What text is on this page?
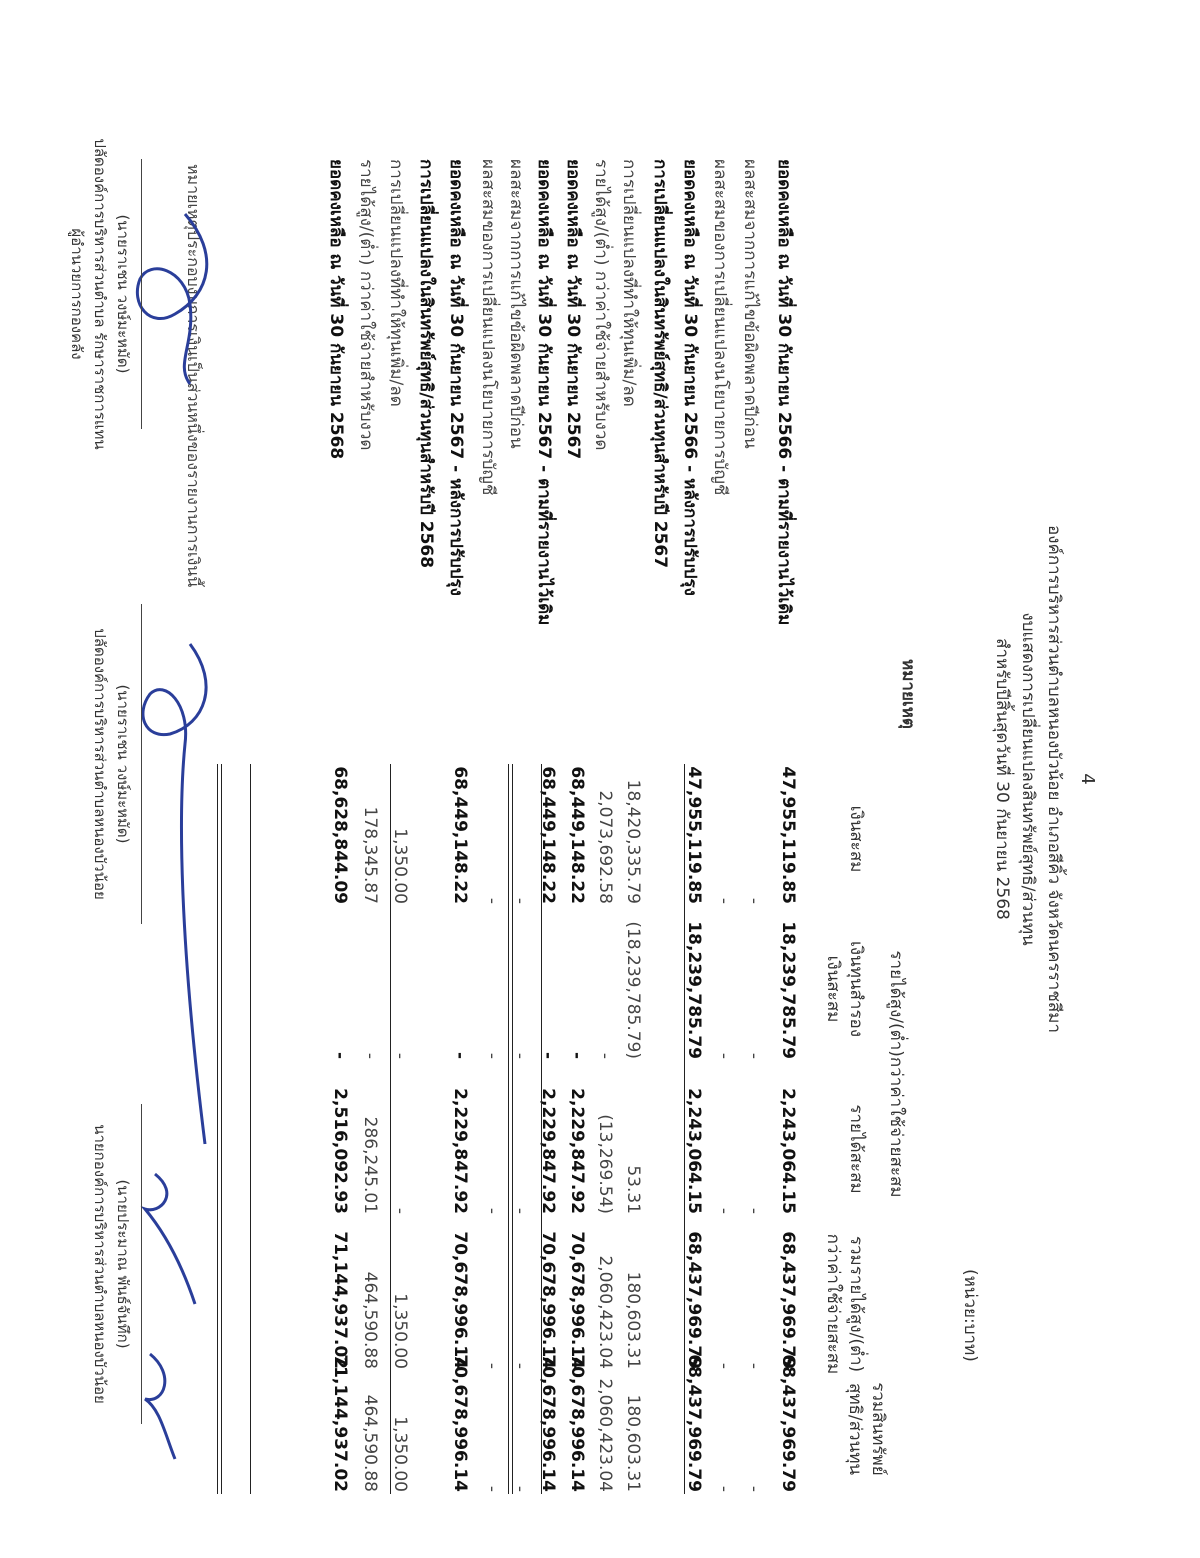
4
องค์การบริหารส่วนตำบลหนองบัวน้อย อำเภอสีคิ้ว จังหวัดนครราชสีมา
งบแสดงการเปลี่ยนแปลงสินทรัพย์สุทธิ/ส่วนทุน
สำหรับปีสิ้นสุดวันที่ 30 กันยายน 2568
(หน่วย:บาท)
หมายเหตุ
รายได้สูง/(ต่ำ)กว่าค่าใช้จ่ายสะสม
เงินสะสม
เงินทุนสำรอง
เงินสะสม
รายได้สะสม
รวมรายได้สูง/(ต่ำ)
กว่าค่าใช้จ่ายสะสม
รวมสินทรัพย์
สุทธิ/ส่วนทุน
ยอดคงเหลือ ณ วันที่ 30 กันยายน 2566 - ตามที่รายงานไว้เดิม
47,955,119.85
18,239,785.79
2,243,064.15
68,437,969.79
68,437,969.79
ผลสะสมจากการแก้ไขข้อผิดพลาดปีก่อน
-
-
-
-
-
ผลสะสมของการเปลี่ยนแปลงนโยบายการบัญชี
-
-
-
-
-
ยอดคงเหลือ ณ วันที่ 30 กันยายน 2566 - หลังการปรับปรุง
47,955,119.85
18,239,785.79
2,243,064.15
68,437,969.79
68,437,969.79
การเปลี่ยนแปลงในสินทรัพย์สุทธิ/ส่วนทุนสำหรับปี 2567
การเปลี่ยนแปลงที่ทำให้ทุนเพิ่ม/ลด
18,420,335.79
(18,239,785.79)
53.31
180,603.31
180,603.31
รายได้สูง/(ต่ำ) กว่าค่าใช้จ่ายสำหรับงวด
2,073,692.58
-
(13,269.54)
2,060,423.04
2,060,423.04
ยอดคงเหลือ ณ วันที่ 30 กันยายน 2567
68,449,148.22
-
2,229,847.92
70,678,996.14
70,678,996.14
ยอดคงเหลือ ณ วันที่ 30 กันยายน 2567 - ตามที่รายงานไว้เดิม
68,449,148.22
-
2,229,847.92
70,678,996.14
70,678,996.14
ผลสะสมจากการแก้ไขข้อผิดพลาดปีก่อน
-
-
-
-
-
ผลสะสมของการเปลี่ยนแปลงนโยบายการบัญชี
-
-
-
-
-
ยอดคงเหลือ ณ วันที่ 30 กันยายน 2567 - หลังการปรับปรุง
68,449,148.22
-
2,229,847.92
70,678,996.14
70,678,996.14
การเปลี่ยนแปลงในสินทรัพย์สุทธิ/ส่วนทุนสำหรับปี 2568
การเปลี่ยนแปลงที่ทำให้ทุนเพิ่ม/ลด
1,350.00
-
-
1,350.00
1,350.00
รายได้สูง/(ต่ำ) กว่าค่าใช้จ่ายสำหรับงวด
178,345.87
-
286,245.01
464,590.88
464,590.88
ยอดคงเหลือ ณ วันที่ 30 กันยายน 2568
68,628,844.09
-
2,516,092.93
71,144,937.02
71,144,937.02
หมายเหตุประกอบงบการเงินเป็นส่วนหนึ่งของรายงานการเงินนี้
(นายราเชน วงษ์มะหมัด)
ปลัดองค์การบริหารส่วนตำบล รักษาราชการแทน
ผู้อำนวยการกองคลัง
(นายราเชน วงษ์มะหมัด)
ปลัดองค์การบริหารส่วนตำบลหนองบัวน้อย
(นายประมาณ พันธ์จันทึก)
นายกองค์การบริหารส่วนตำบลหนองบัวน้อย
